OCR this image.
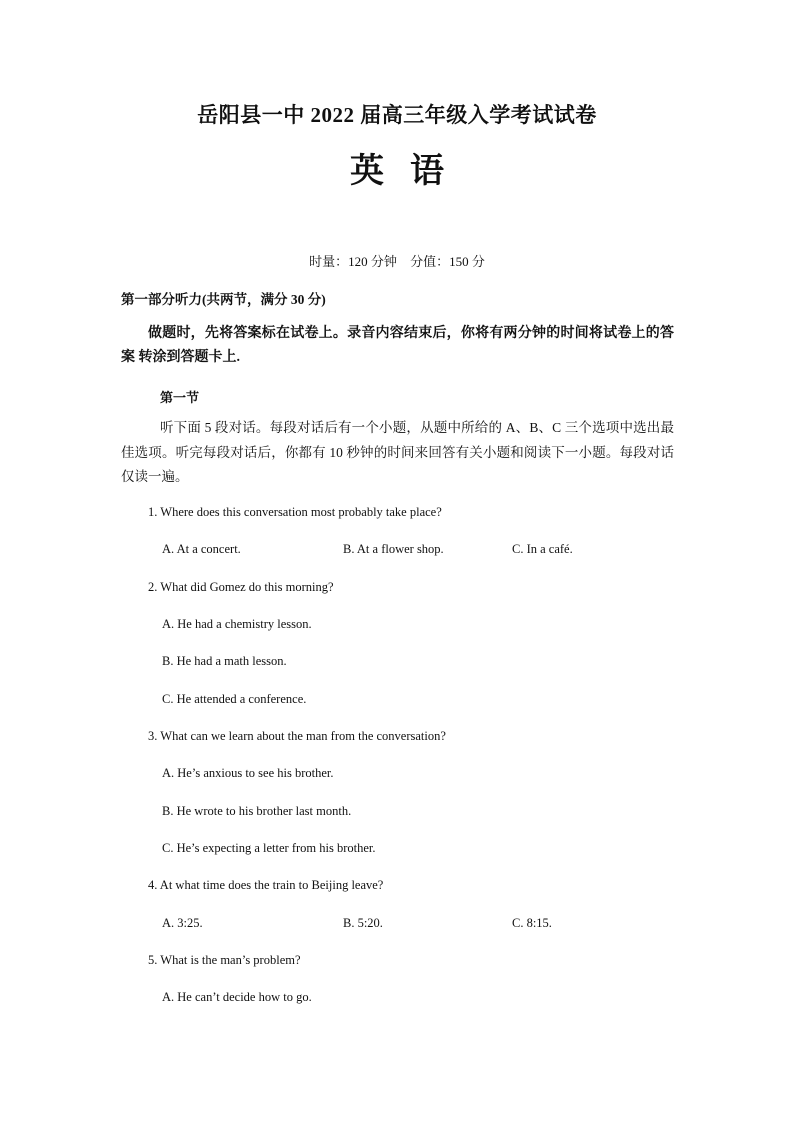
岳阳县一中 2022 届高三年级入学考试试卷
英语
时量：120 分钟 分值：150 分
第一部分听力(共两节，满分 30 分)
做题时，先将答案标在试卷上。录音内容结束后，你将有两分钟的时间将试卷上的答案 转涂到答题卡上.
第一节
听下面 5 段对话。每段对话后有一个小题，从题中所给的 A、B、C 三个选项中选出最佳选项。听完每段对话后，你都有 10 秒钟的时间来回答有关小题和阅读下一小题。每段对话仅读一遍。
1. Where does this conversation most probably take place?
A. At a concert.	B. At a flower shop.	C. In a café.
2. What did Gomez do this morning?
A. He had a chemistry lesson.
B. He had a math lesson.
C. He attended a conference.
3. What can we learn about the man from the conversation?
A. He’s anxious to see his brother.
B. He wrote to his brother last month.
C. He’s expecting a letter from his brother.
4. At what time does the train to Beijing leave?
A. 3:25.	B. 5:20.	C. 8:15.
5. What is the man’s problem?
A. He can’t decide how to go.
